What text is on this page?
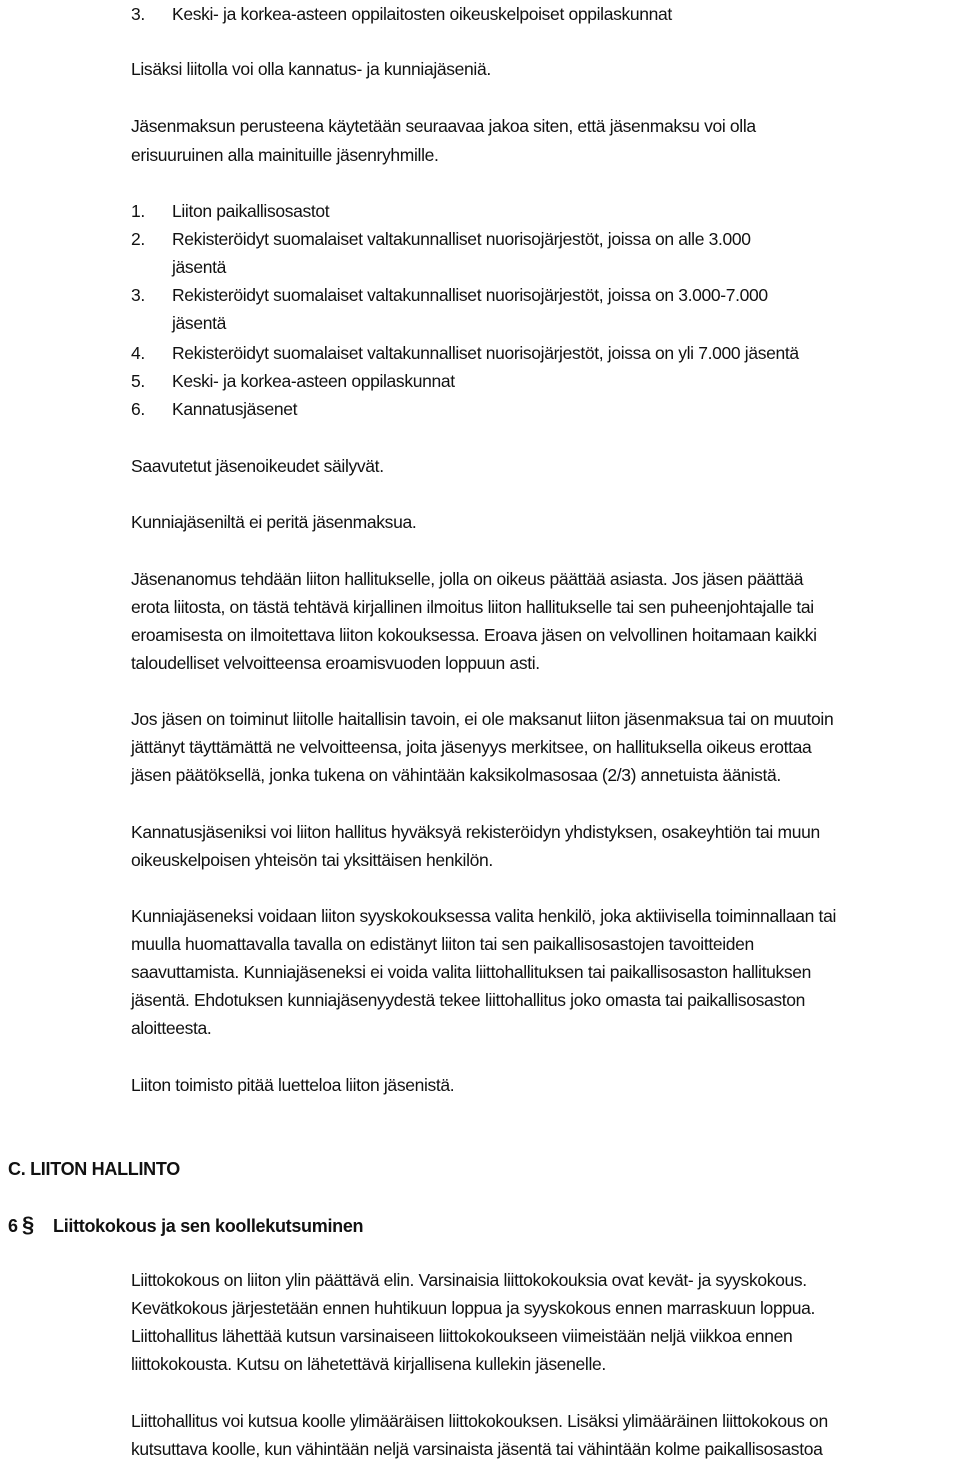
3. Keski- ja korkea-asteen oppilaitosten oikeuskelpoiset oppilaskunnat
Lisäksi liitolla voi olla kannatus- ja kunniajäseniä.
Jäsenmaksun perusteena käytetään seuraavaa jakoa siten, että jäsenmaksu voi olla
erisuuruinen alla mainituille jäsenryhmille.
1. Liiton paikallisosastot
2. Rekisteröidyt suomalaiset valtakunnalliset nuorisojärjestöt, joissa on alle 3.000
jäsentä
3. Rekisteröidyt suomalaiset valtakunnalliset nuorisojärjestöt, joissa on 3.000-7.000
jäsentä
4. Rekisteröidyt suomalaiset valtakunnalliset nuorisojärjestöt, joissa on yli 7.000 jäsentä
5. Keski- ja korkea-asteen oppilaskunnat
6. Kannatusjäsenet
Saavutetut jäsenoikeudet säilyvät.
Kunniajäseniltä ei peritä jäsenmaksua.
Jäsenanomus tehdään liiton hallitukselle, jolla on oikeus päättää asiasta. Jos jäsen päättää
erota liitosta, on tästä tehtävä kirjallinen ilmoitus liiton hallitukselle tai sen puheenjohtajalle tai
eroamisesta on ilmoitettava liiton kokouksessa. Eroava jäsen on velvollinen hoitamaan kaikki
taloudelliset velvoitteensa eroamisvuoden loppuun asti.
Jos jäsen on toiminut liitolle haitallisin tavoin, ei ole maksanut liiton jäsenmaksua tai on muutoin
jättänyt täyttämättä ne velvoitteensa, joita jäsenyys merkitsee, on hallituksella oikeus erottaa
jäsen päätöksellä, jonka tukena on vähintään kaksikolmasosaa (2/3) annetuista äänistä.
Kannatusjäseniksi voi liiton hallitus hyväksyä rekisteröidyn yhdistyksen, osakeyhtiön tai muun
oikeuskelpoisen yhteisön tai yksittäisen henkilön.
Kunniajäseneksi voidaan liiton syyskokouksessa valita henkilö, joka aktiivisella toiminnallaan tai
muulla huomattavalla tavalla on edistänyt liiton tai sen paikallisosastojen tavoitteiden
saavuttamista. Kunniajäseneksi ei voida valita liittohallituksen tai paikallisosaston hallituksen
jäsentä. Ehdotuksen kunniajäsenyydestä tekee liittohallitus joko omasta tai paikallisosaston
aloitteesta.
Liiton toimisto pitää luetteloa liiton jäsenistä.
C. LIITON HALLINTO
6 § Liittokokous ja sen koollekutsuminen
Liittokokous on liiton ylin päättävä elin. Varsinaisia liittokokouksia ovat kevät- ja syyskokous.
Kevätkokous järjestetään ennen huhtikuun loppua ja syyskokous ennen marraskuun loppua.
Liittohallitus lähettää kutsun varsinaiseen liittokokoukseen viimeistään neljä viikkoa ennen
liittokokousta. Kutsu on lähetettävä kirjallisena kullekin jäsenelle.
Liittohallitus voi kutsua koolle ylimääräisen liittokokouksen. Lisäksi ylimääräinen liittokokous on
kutsuttava koolle, kun vähintään neljä varsinaista jäsentä tai vähintään kolme paikallisosastoa
